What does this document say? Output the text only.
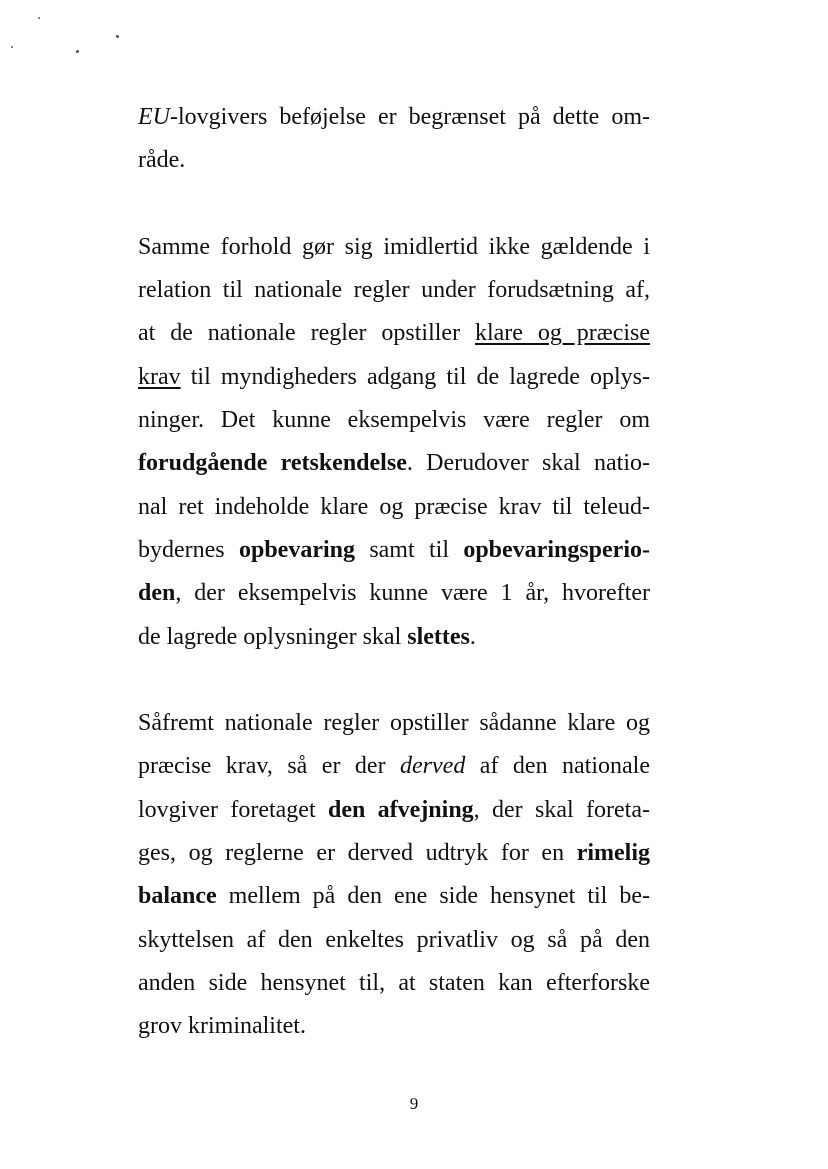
EU-lovgivers beføjelse er begrænset på dette om-
råde.
Samme forhold gør sig imidlertid ikke gældende i
relation til nationale regler under forudsætning af,
at de nationale regler opstiller klare og præcise
krav til myndigheders adgang til de lagrede oplys-
ninger. Det kunne eksempelvis være regler om
forudgående retskendelse. Derudover skal natio-
nal ret indeholde klare og præcise krav til teleud-
bydernes opbevaring samt til opbevaringsperio-
den, der eksempelvis kunne være 1 år, hvorefter
de lagrede oplysninger skal slettes.
Såfremt nationale regler opstiller sådanne klare og
præcise krav, så er der derved af den nationale
lovgiver foretaget den afvejning, der skal foreta-
ges, og reglerne er derved udtryk for en rimelig
balance mellem på den ene side hensynet til be-
skyttelsen af den enkeltes privatliv og så på den
anden side hensynet til, at staten kan efterforske
grov kriminalitet.
9
